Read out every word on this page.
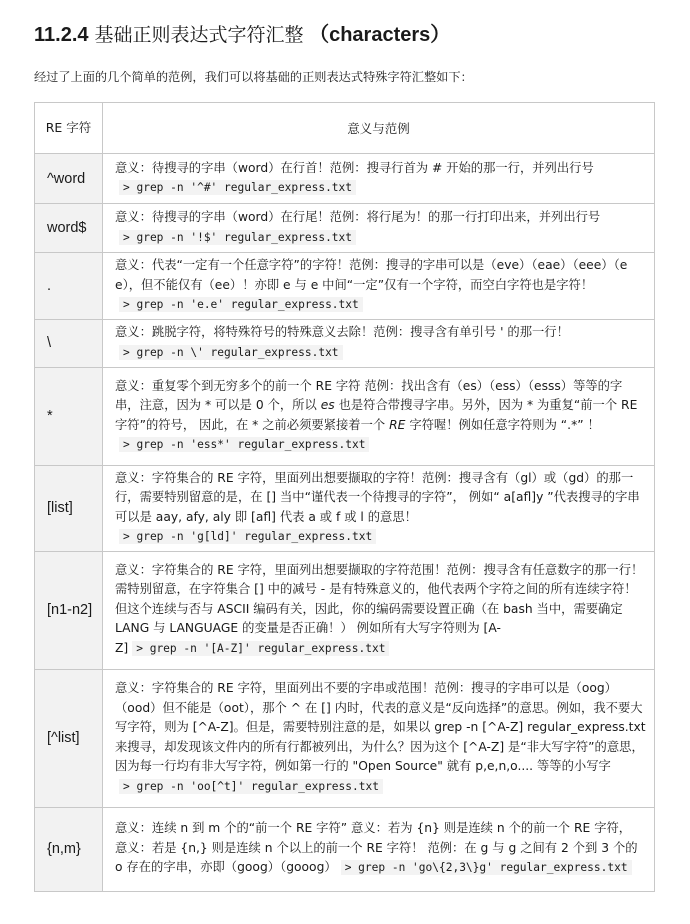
11.2.4 基础正则表达式字符汇整 （characters）

经过了上面的几个简单的范例，我们可以将基础的正则表达式特殊字符汇整如下：

RE 字符	意义与范例
^word	意义：待搜寻的字串（word）在行首！范例：搜寻行首为 # 开始的那一行，并列出行号> grep -n '^#' regular_express.txt
word$	意义：待搜寻的字串（word）在行尾！范例：将行尾为！的那一行打印出来，并列出行号> grep -n '!$' regular_express.txt
.	意义：代表“一定有一个任意字符”的字符！范例：搜寻的字串可以是（eve）（eae）（eee）（e e），但不能仅有（ee）！亦即 e 与 e 中间“一定”仅有一个字符，而空白字符也是字符！> grep -n 'e.e' regular_express.txt
\	意义：跳脱字符，将特殊符号的特殊意义去除！范例：搜寻含有单引号 ' 的那一行！> grep -n \' regular_express.txt
*	意义：重复零个到无穷多个的前一个 RE 字符 范例：找出含有（es）（ess）（esss）等等的字串，注意，因为 * 可以是 0 个，所以 es 也是符合带搜寻字串。另外，因为 * 为重复“前一个 RE 字符”的符号， 因此，在 * 之前必须要紧接着一个 RE 字符喔！例如任意字符则为 “.*” ！> grep -n 'ess*' regular_express.txt
[list]	意义：字符集合的 RE 字符，里面列出想要撷取的字符！范例：搜寻含有（gl）或（gd）的那一行，需要特别留意的是，在 [] 当中“谨代表一个待搜寻的字符”， 例如“ a[afl]y ”代表搜寻的字串可以是 aay, afy, aly 即 [afl] 代表 a 或 f 或 l 的意思！> grep -n 'g[ld]' regular_express.txt
[n1-n2]	意义：字符集合的 RE 字符，里面列出想要撷取的字符范围！范例：搜寻含有任意数字的那一行！需特别留意，在字符集合 [] 中的减号 - 是有特殊意义的，他代表两个字符之间的所有连续字符！但这个连续与否与 ASCII 编码有关，因此，你的编码需要设置正确（在 bash 当中，需要确定 LANG 与 LANGUAGE 的变量是否正确！） 例如所有大写字符则为 [A-Z] > grep -n '[A-Z]' regular_express.txt
[^list]	意义：字符集合的 RE 字符，里面列出不要的字串或范围！范例：搜寻的字串可以是（oog）（ood）但不能是（oot），那个 ^ 在 [] 内时，代表的意义是“反向选择”的意思。例如，我不要大写字符，则为 [^A-Z]。但是，需要特别注意的是，如果以 grep -n [^A-Z] regular_express.txt 来搜寻，却发现该文件内的所有行都被列出，为什么？因为这个 [^A-Z] 是“非大写字符”的意思， 因为每一行均有非大写字符，例如第一行的 "Open Source" 就有 p,e,n,o.... 等等的小写字> grep -n 'oo[^t]' regular_express.txt
{n,m}	意义：连续 n 到 m 个的“前一个 RE 字符” 意义：若为 {n} 则是连续 n 个的前一个 RE 字符， 意义：若是 {n,} 则是连续 n 个以上的前一个 RE 字符！ 范例：在 g 与 g 之间有 2 个到 3 个的 o 存在的字串，亦即（goog）（gooog） > grep -n 'go\{2,3\}g' regular_express.txt
